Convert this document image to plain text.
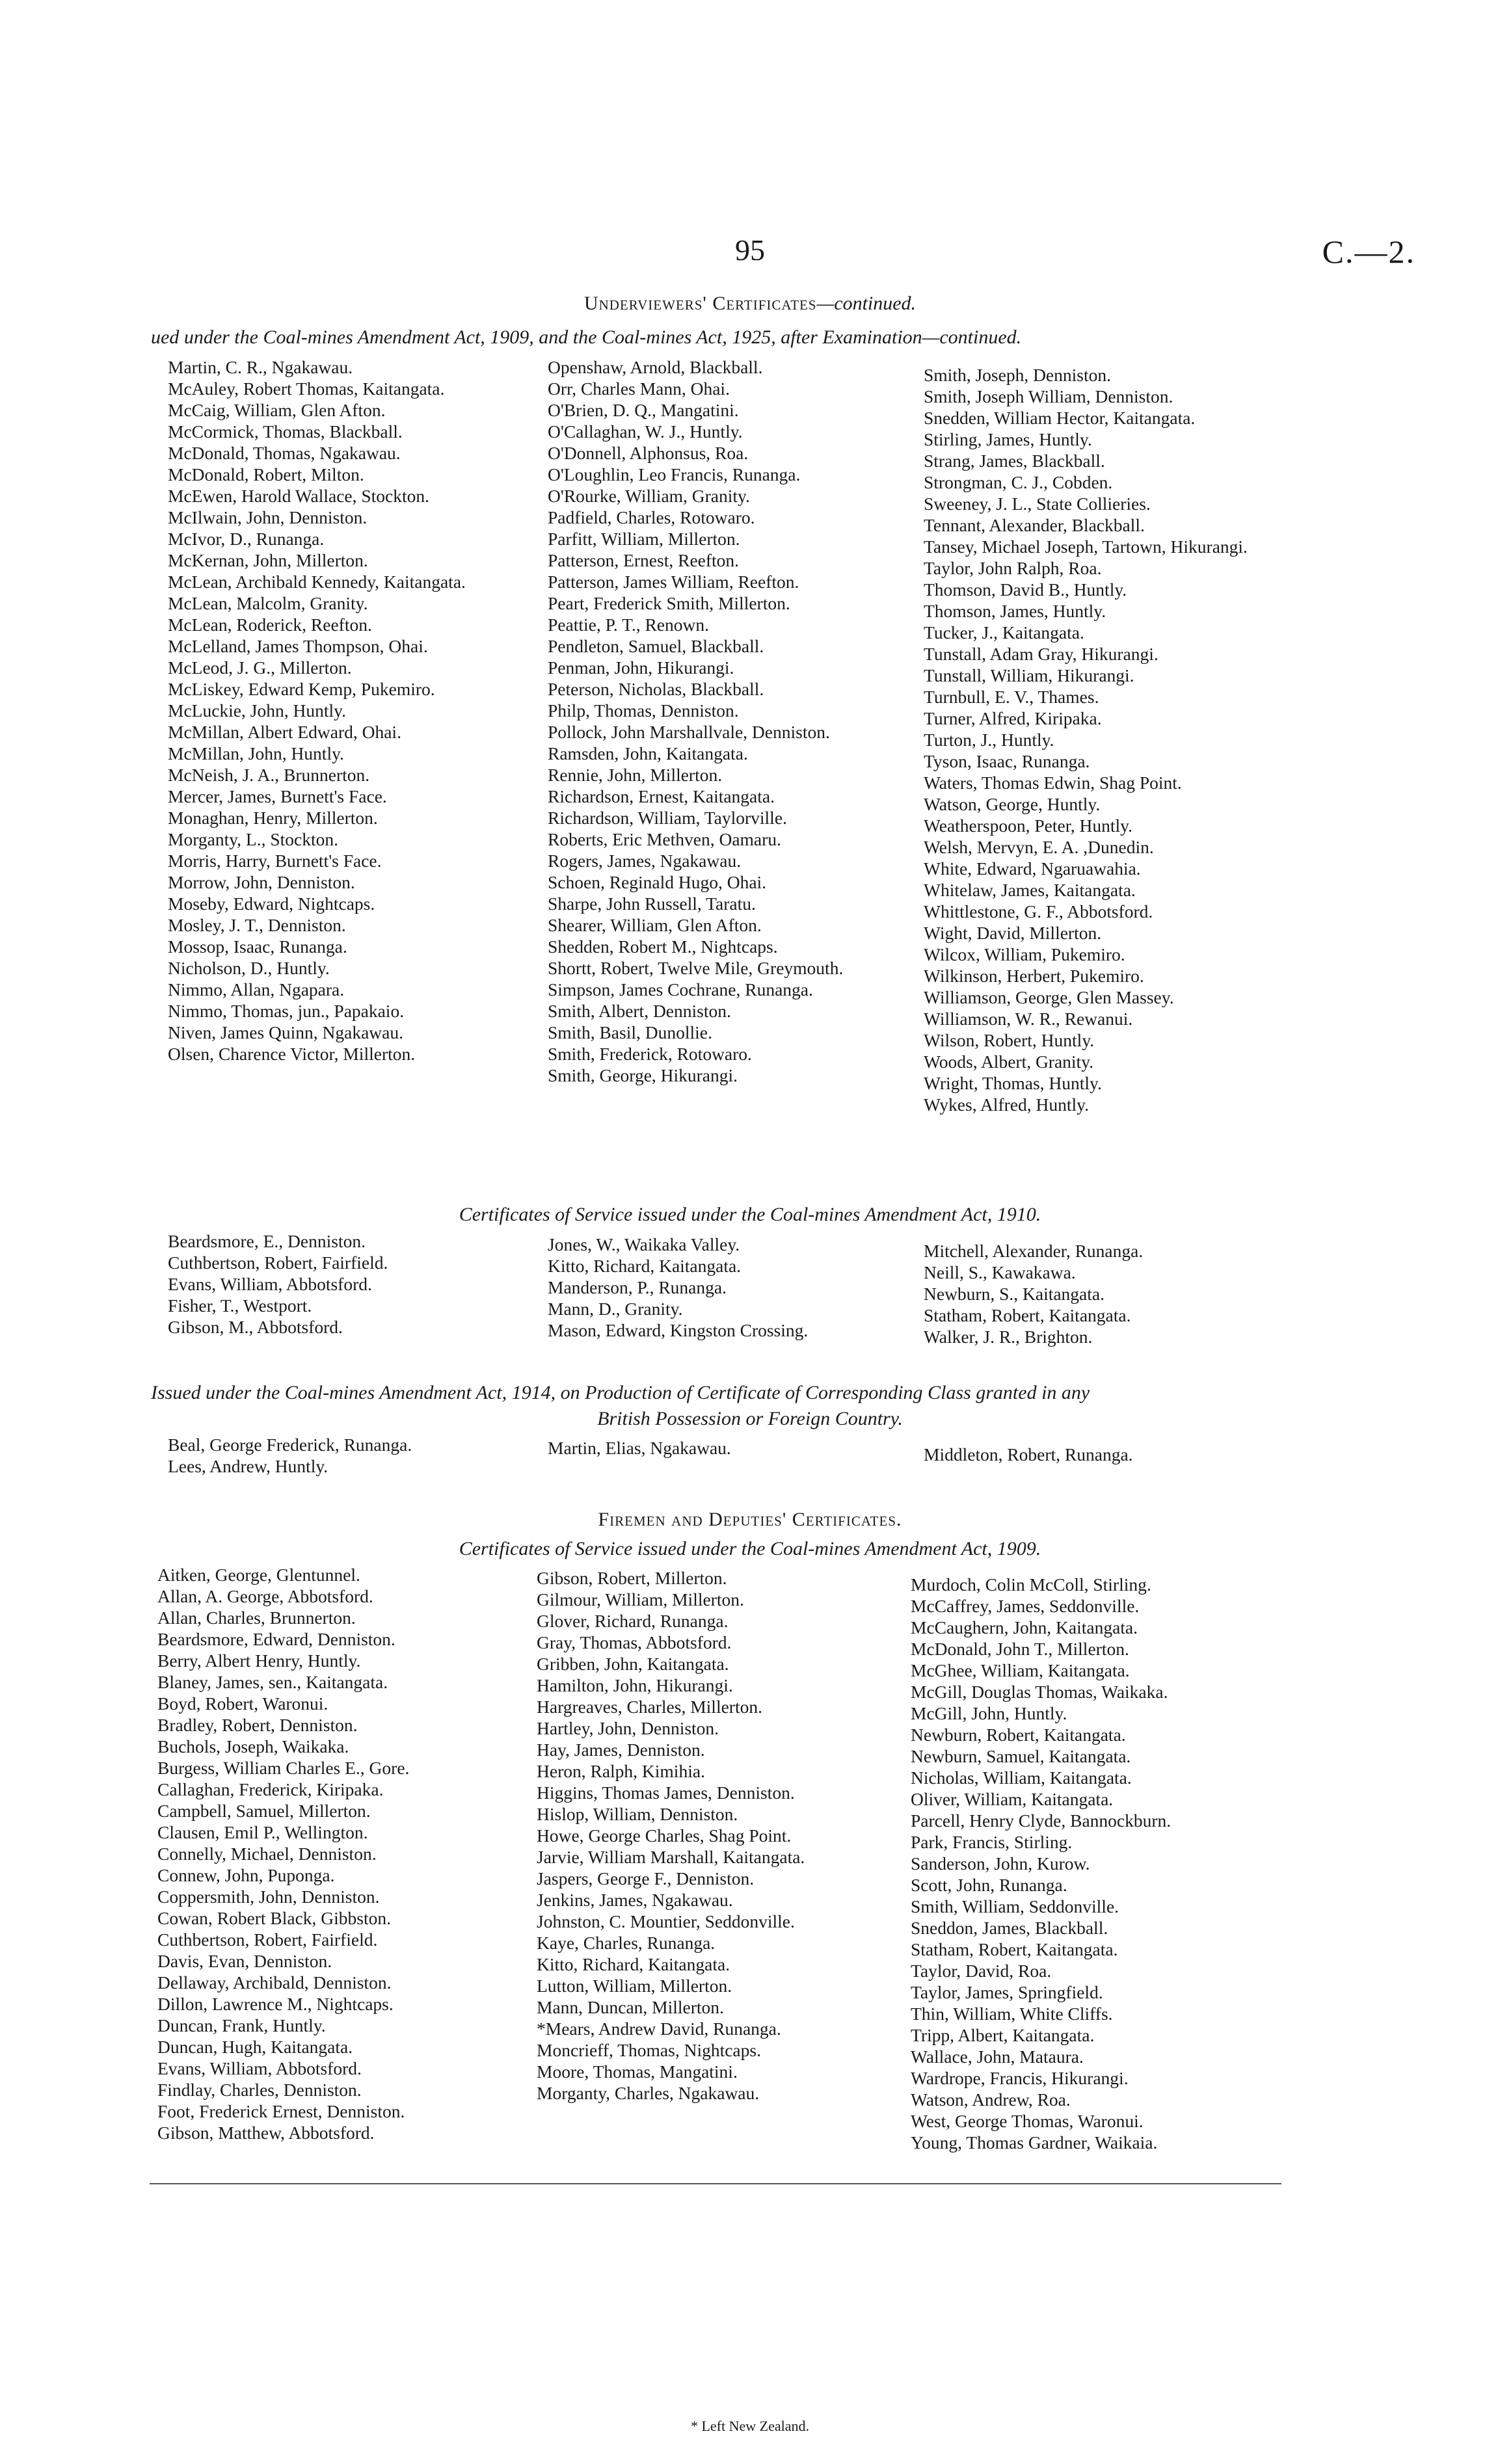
95	C.—2.
Underviewers' Certificates—continued.
ued under the Coal-mines Amendment Act, 1909, and the Coal-mines Act, 1925, after Examination—continued.
Martin, C. R., Ngakawau.
McAuley, Robert Thomas, Kaitangata.
McCaig, William, Glen Afton.
McCormick, Thomas, Blackball.
McDonald, Thomas, Ngakawau.
McDonald, Robert, Milton.
McEwen, Harold Wallace, Stockton.
McIlwain, John, Denniston.
McIvor, D., Runanga.
McKernan, John, Millerton.
McLean, Archibald Kennedy, Kaitangata.
McLean, Malcolm, Granity.
McLean, Roderick, Reefton.
McLelland, James Thompson, Ohai.
McLeod, J. G., Millerton.
McLiskey, Edward Kemp, Pukemiro.
McLuckie, John, Huntly.
McMillan, Albert Edward, Ohai.
McMillan, John, Huntly.
McNeish, J. A., Brunnerton.
Mercer, James, Burnett's Face.
Monaghan, Henry, Millerton.
Morganty, L., Stockton.
Morris, Harry, Burnett's Face.
Morrow, John, Denniston.
Moseby, Edward, Nightcaps.
Mosley, J. T., Denniston.
Mossop, Isaac, Runanga.
Nicholson, D., Huntly.
Nimmo, Allan, Ngapara.
Nimmo, Thomas, jun., Papakaio.
Niven, James Quinn, Ngakawau.
Olsen, Charence Victor, Millerton.
Openshaw, Arnold, Blackball.
Orr, Charles Mann, Ohai.
O'Brien, D. Q., Mangatini.
O'Callaghan, W. J., Huntly.
O'Donnell, Alphonsus, Roa.
O'Loughlin, Leo Francis, Runanga.
O'Rourke, William, Granity.
Padfield, Charles, Rotowaro.
Parfitt, William, Millerton.
Patterson, Ernest, Reefton.
Patterson, James William, Reefton.
Peart, Frederick Smith, Millerton.
Peattie, P. T., Renown.
Pendleton, Samuel, Blackball.
Penman, John, Hikurangi.
Peterson, Nicholas, Blackball.
Philp, Thomas, Denniston.
Pollock, John Marshallvale, Denniston.
Ramsden, John, Kaitangata.
Rennie, John, Millerton.
Richardson, Ernest, Kaitangata.
Richardson, William, Taylorville.
Roberts, Eric Methven, Oamaru.
Rogers, James, Ngakawau.
Schoen, Reginald Hugo, Ohai.
Sharpe, John Russell, Taratu.
Shearer, William, Glen Afton.
Shedden, Robert M., Nightcaps.
Shortt, Robert, Twelve Mile, Greymouth.
Simpson, James Cochrane, Runanga.
Smith, Albert, Denniston.
Smith, Basil, Dunollie.
Smith, Frederick, Rotowaro.
Smith, George, Hikurangi.
Smith, Joseph, Denniston.
Smith, Joseph William, Denniston.
Snedden, William Hector, Kaitangata.
Stirling, James, Huntly.
Strang, James, Blackball.
Strongman, C. J., Cobden.
Sweeney, J. L., State Collieries.
Tennant, Alexander, Blackball.
Tansey, Michael Joseph, Tartown, Hikurangi.
Taylor, John Ralph, Roa.
Thomson, David B., Huntly.
Thomson, James, Huntly.
Tucker, J., Kaitangata.
Tunstall, Adam Gray, Hikurangi.
Tunstall, William, Hikurangi.
Turnbull, E. V., Thames.
Turner, Alfred, Kiripaka.
Turton, J., Huntly.
Tyson, Isaac, Runanga.
Waters, Thomas Edwin, Shag Point.
Watson, George, Huntly.
Weatherspoon, Peter, Huntly.
Welsh, Mervyn, E. A. ,Dunedin.
White, Edward, Ngaruawahia.
Whitelaw, James, Kaitangata.
Whittlestone, G. F., Abbotsford.
Wight, David, Millerton.
Wilcox, William, Pukemiro.
Wilkinson, Herbert, Pukemiro.
Williamson, George, Glen Massey.
Williamson, W. R., Rewanui.
Wilson, Robert, Huntly.
Woods, Albert, Granity.
Wright, Thomas, Huntly.
Wykes, Alfred, Huntly.
Certificates of Service issued under the Coal-mines Amendment Act, 1910.
Beardsmore, E., Denniston.
Cuthbertson, Robert, Fairfield.
Evans, William, Abbotsford.
Fisher, T., Westport.
Gibson, M., Abbotsford.
Jones, W., Waikaka Valley.
Kitto, Richard, Kaitangata.
Manderson, P., Runanga.
Mann, D., Granity.
Mason, Edward, Kingston Crossing.
Mitchell, Alexander, Runanga.
Neill, S., Kawakawa.
Newburn, S., Kaitangata.
Statham, Robert, Kaitangata.
Walker, J. R., Brighton.
Issued under the Coal-mines Amendment Act, 1914, on Production of Certificate of Corresponding Class granted in any
British Possession or Foreign Country.
Beal, George Frederick, Runanga.
Lees, Andrew, Huntly.
Martin, Elias, Ngakawau.	Middleton, Robert, Runanga.
Firemen and Deputies' Certificates.
Certificates of Service issued under the Coal-mines Amendment Act, 1909.
Aitken, George, Glentunnel.
Allan, A. George, Abbotsford.
Allan, Charles, Brunnerton.
Beardsmore, Edward, Denniston.
Berry, Albert Henry, Huntly.
Blaney, James, sen., Kaitangata.
Boyd, Robert, Waronui.
Bradley, Robert, Denniston.
Buchols, Joseph, Waikaka.
Burgess, William Charles E., Gore.
Callaghan, Frederick, Kiripaka.
Campbell, Samuel, Millerton.
Clausen, Emil P., Wellington.
Connelly, Michael, Denniston.
Connew, John, Puponga.
Coppersmith, John, Denniston.
Cowan, Robert Black, Gibbston.
Cuthbertson, Robert, Fairfield.
Davis, Evan, Denniston.
Dellaway, Archibald, Denniston.
Dillon, Lawrence M., Nightcaps.
Duncan, Frank, Huntly.
Duncan, Hugh, Kaitangata.
Evans, William, Abbotsford.
Findlay, Charles, Denniston.
Foot, Frederick Ernest, Denniston.
Gibson, Matthew, Abbotsford.
Gibson, Robert, Millerton.
Gilmour, William, Millerton.
Glover, Richard, Runanga.
Gray, Thomas, Abbotsford.
Gribben, John, Kaitangata.
Hamilton, John, Hikurangi.
Hargreaves, Charles, Millerton.
Hartley, John, Denniston.
Hay, James, Denniston.
Heron, Ralph, Kimihia.
Higgins, Thomas James, Denniston.
Hislop, William, Denniston.
Howe, George Charles, Shag Point.
Jarvie, William Marshall, Kaitangata.
Jaspers, George F., Denniston.
Jenkins, James, Ngakawau.
Johnston, C. Mountier, Seddonville.
Kaye, Charles, Runanga.
Kitto, Richard, Kaitangata.
Lutton, William, Millerton.
Mann, Duncan, Millerton.
*Mears, Andrew David, Runanga.
Moncrieff, Thomas, Nightcaps.
Moore, Thomas, Mangatini.
Morganty, Charles, Ngakawau.
Murdoch, Colin McColl, Stirling.
McCaffrey, James, Seddonville.
McCaughern, John, Kaitangata.
McDonald, John T., Millerton.
McGhee, William, Kaitangata.
McGill, Douglas Thomas, Waikaka.
McGill, John, Huntly.
Newburn, Robert, Kaitangata.
Newburn, Samuel, Kaitangata.
Nicholas, William, Kaitangata.
Oliver, William, Kaitangata.
Parcell, Henry Clyde, Bannockburn.
Park, Francis, Stirling.
Sanderson, John, Kurow.
Scott, John, Runanga.
Smith, William, Seddonville.
Sneddon, James, Blackball.
Statham, Robert, Kaitangata.
Taylor, David, Roa.
Taylor, James, Springfield.
Thin, William, White Cliffs.
Tripp, Albert, Kaitangata.
Wallace, John, Mataura.
Wardrope, Francis, Hikurangi.
Watson, Andrew, Roa.
West, George Thomas, Waronui.
Young, Thomas Gardner, Waikaia.
* Left New Zealand.
